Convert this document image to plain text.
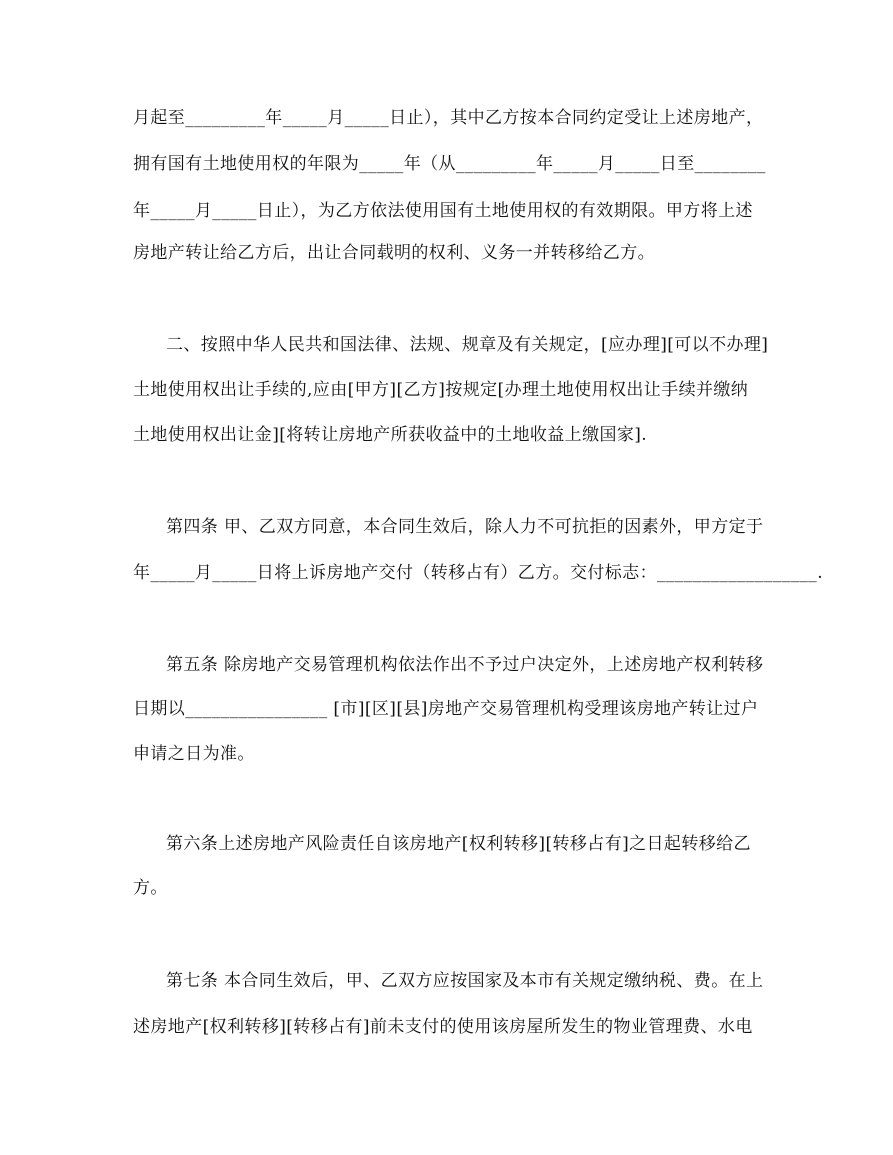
月起至_________年_____月_____日止），其中乙方按本合同约定受让上述房地产，
拥有国有土地使用权的年限为_____年（从_________年_____月_____日至________
年_____月_____日止），为乙方依法使用国有土地使用权的有效期限。甲方将上述
房地产转让给乙方后，出让合同载明的权利、义务一并转移给乙方。
二、按照中华人民共和国法律、法规、规章及有关规定，[应办理][可以不办理]
土地使用权出让手续的,应由[甲方][乙方]按规定[办理土地使用权出让手续并缴纳
土地使用权出让金][将转让房地产所获收益中的土地收益上缴国家].
第四条 甲、乙双方同意，本合同生效后，除人力不可抗拒的因素外，甲方定于
年_____月_____日将上诉房地产交付（转移占有）乙方。交付标志：__________________.
第五条 除房地产交易管理机构依法作出不予过户决定外，上述房地产权利转移
日期以________________ [市][区][县]房地产交易管理机构受理该房地产转让过户
申请之日为准。
第六条上述房地产风险责任自该房地产[权利转移][转移占有]之日起转移给乙
方。
第七条 本合同生效后，甲、乙双方应按国家及本市有关规定缴纳税、费。在上
述房地产[权利转移][转移占有]前未支付的使用该房屋所发生的物业管理费、水电
